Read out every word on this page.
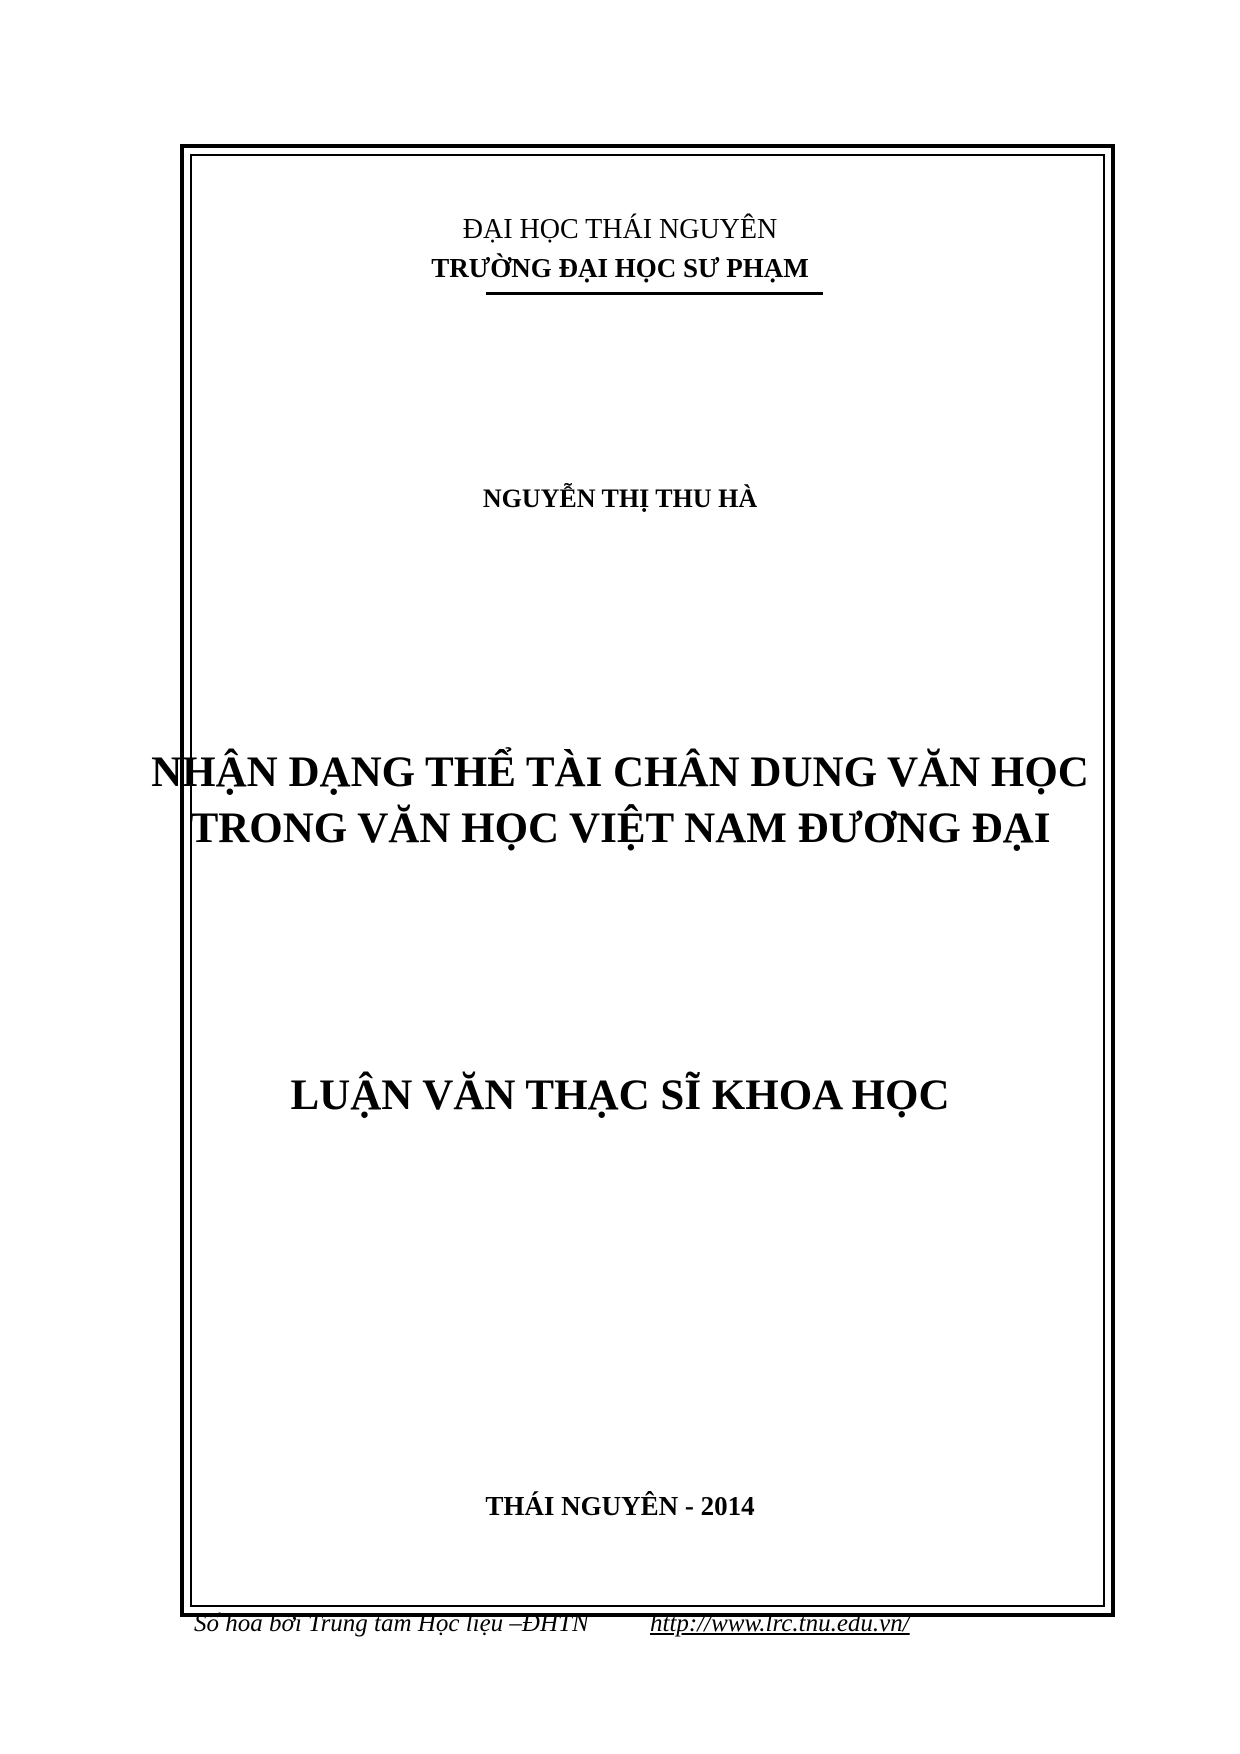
ĐẠI HỌC THÁI NGUYÊN
TRƯỜNG ĐẠI HỌC SƯ PHẠM
NGUYỄN THỊ THU HÀ
NHẬN DẠNG THỂ TÀI CHÂN DUNG VĂN HỌC
TRONG VĂN HỌC VIỆT NAM ĐƯƠNG ĐẠI
LUẬN VĂN THẠC SĨ KHOA HỌC
THÁI NGUYÊN - 2014
Số hóa bởi Trung tâm Học liệu –ĐHTN http://www.lrc.tnu.edu.vn/
